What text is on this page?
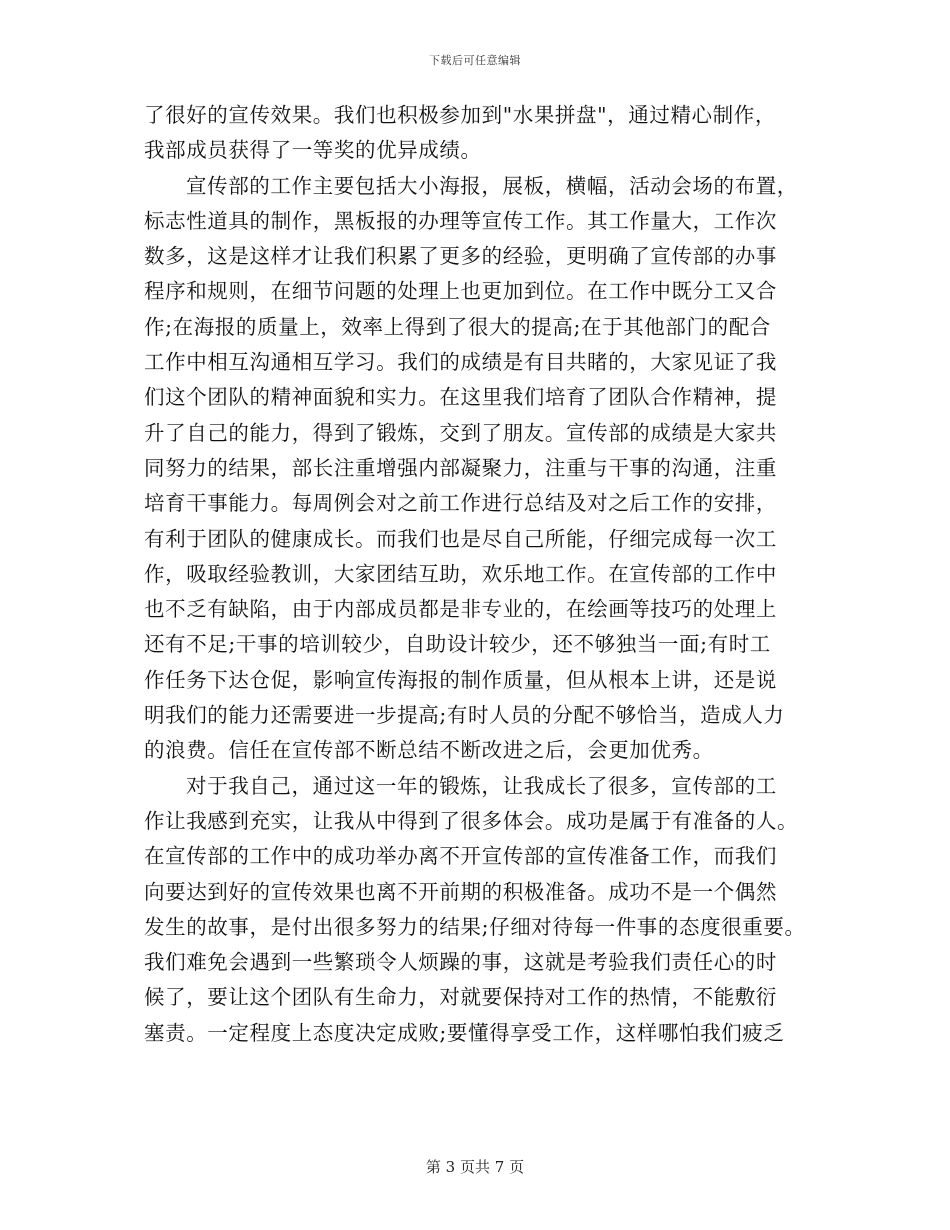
下载后可任意编辑
了很好的宣传效果。我们也积极参加到"水果拼盘"，通过精心制作，
我部成员获得了一等奖的优异成绩。
宣传部的工作主要包括大小海报，展板，横幅，活动会场的布置，
标志性道具的制作，黑板报的办理等宣传工作。其工作量大，工作次
数多，这是这样才让我们积累了更多的经验，更明确了宣传部的办事
程序和规则，在细节问题的处理上也更加到位。在工作中既分工又合
作;在海报的质量上，效率上得到了很大的提高;在于其他部门的配合
工作中相互沟通相互学习。我们的成绩是有目共睹的，大家见证了我
们这个团队的精神面貌和实力。在这里我们培育了团队合作精神，提
升了自己的能力，得到了锻炼，交到了朋友。宣传部的成绩是大家共
同努力的结果，部长注重增强内部凝聚力，注重与干事的沟通，注重
培育干事能力。每周例会对之前工作进行总结及对之后工作的安排，
有利于团队的健康成长。而我们也是尽自己所能，仔细完成每一次工
作，吸取经验教训，大家团结互助，欢乐地工作。在宣传部的工作中
也不乏有缺陷，由于内部成员都是非专业的，在绘画等技巧的处理上
还有不足;干事的培训较少，自助设计较少，还不够独当一面;有时工
作任务下达仓促，影响宣传海报的制作质量，但从根本上讲，还是说
明我们的能力还需要进一步提高;有时人员的分配不够恰当，造成人力
的浪费。信任在宣传部不断总结不断改进之后，会更加优秀。
对于我自己，通过这一年的锻炼，让我成长了很多，宣传部的工
作让我感到充实，让我从中得到了很多体会。成功是属于有准备的人。
在宣传部的工作中的成功举办离不开宣传部的宣传准备工作，而我们
向要达到好的宣传效果也离不开前期的积极准备。成功不是一个偶然
发生的故事，是付出很多努力的结果;仔细对待每一件事的态度很重要。
我们难免会遇到一些繁琐令人烦躁的事，这就是考验我们责任心的时
候了，要让这个团队有生命力，对就要保持对工作的热情，不能敷衍
塞责。一定程度上态度决定成败;要懂得享受工作，这样哪怕我们疲乏
第 3 页共 7 页
